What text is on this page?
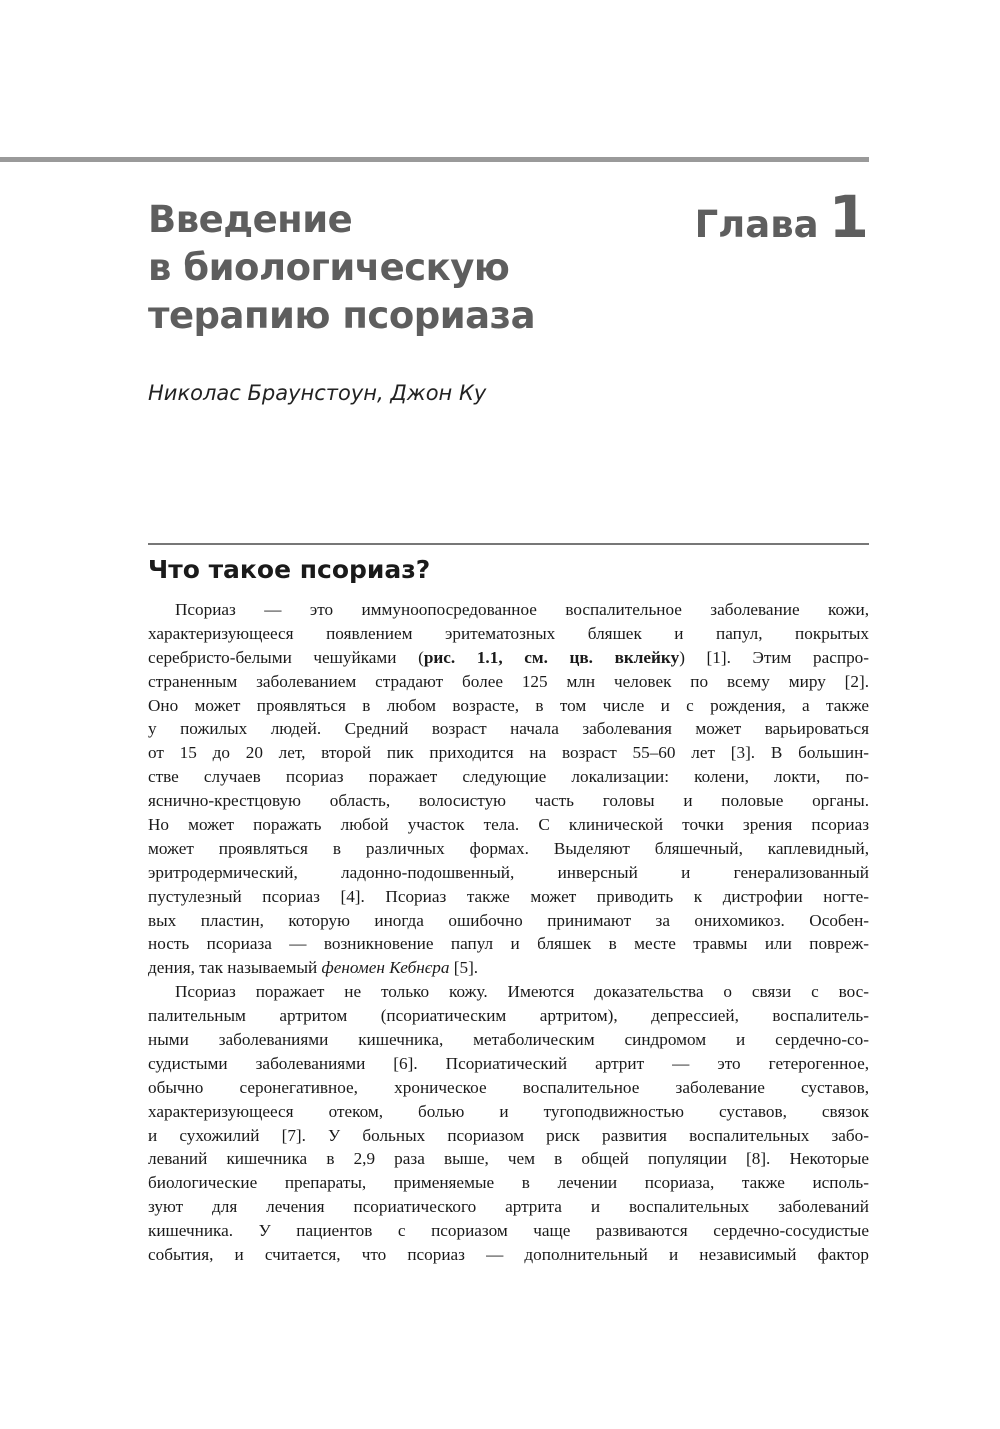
Введение
в биологическую
терапию псориаза
Глава 1
Николас Браунстоун, Джон Ку
Что такое псориаз?
Псориаз — это иммуноопосредованное воспалительное заболевание кожи,
характеризующееся появлением эритематозных бляшек и папул, покрытых
серебристо-белыми чешуйками (рис. 1.1, см. цв. вклейку) [1]. Этим распро-
страненным заболеванием страдают более 125 млн человек по всему миру [2].
Оно может проявляться в любом возрасте, в том числе и с рождения, а также
у пожилых людей. Средний возраст начала заболевания может варьироваться
от 15 до 20 лет, второй пик приходится на возраст 55–60 лет [3]. В большин-
стве случаев псориаз поражает следующие локализации: колени, локти, по-
яснично-крестцовую область, волосистую часть головы и половые органы.
Но может поражать любой участок тела. С клинической точки зрения псориаз
может проявляться в различных формах. Выделяют бляшечный, каплевидный,
эритродермический, ладонно-подошвенный, инверсный и генерализованный
пустулезный псориаз [4]. Псориаз также может приводить к дистрофии ногте-
вых пластин, которую иногда ошибочно принимают за онихомикоз. Особен-
ность псориаза — возникновение папул и бляшек в месте травмы или повреж-
дения, так называемый феномен Кебнєра [5].
Псориаз поражает не только кожу. Имеются доказательства о связи с вос-
палительным артритом (псориатическим артритом), депрессией, воспалитель-
ными заболеваниями кишечника, метаболическим синдромом и сердечно-со-
судистыми заболеваниями [6]. Псориатический артрит — это гетерогенное,
обычно серонегативное, хроническое воспалительное заболевание суставов,
характеризующееся отеком, болью и тугоподвижностью суставов, связок
и сухожилий [7]. У больных псориазом риск развития воспалительных забо-
леваний кишечника в 2,9 раза выше, чем в общей популяции [8]. Некоторые
биологические препараты, применяемые в лечении псориаза, также исполь-
зуют для лечения псориатического артрита и воспалительных заболеваний
кишечника. У пациентов с псориазом чаще развиваются сердечно-сосудистые
события, и считается, что псориаз — дополнительный и независимый фактор
